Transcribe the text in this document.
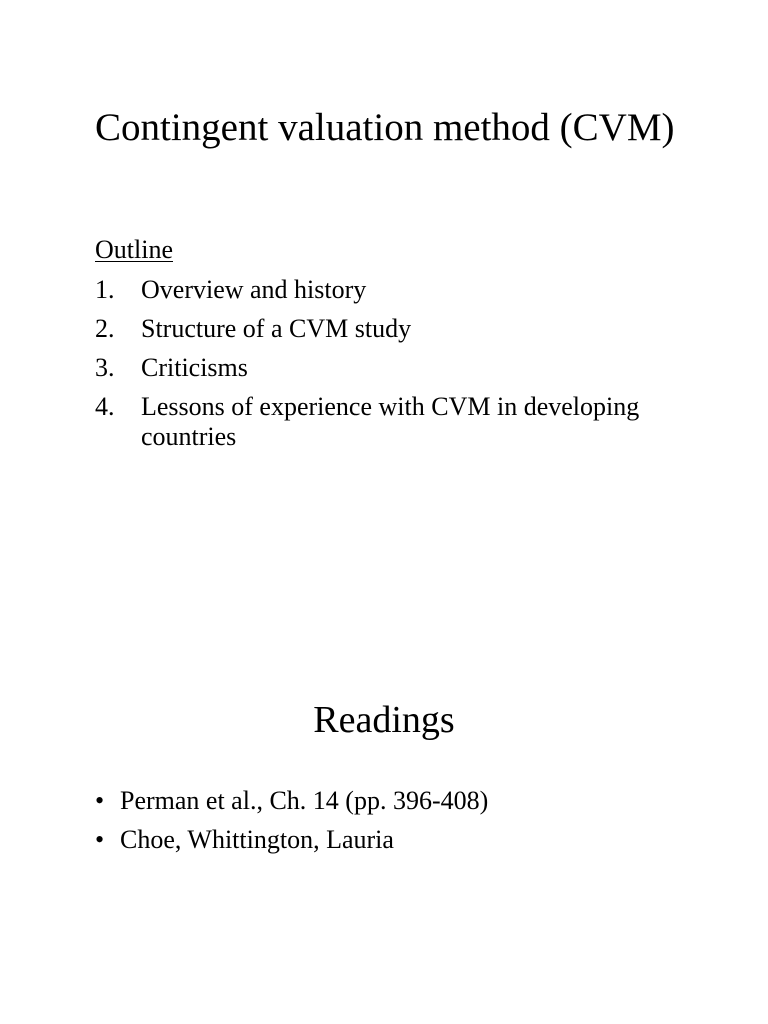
Contingent valuation method (CVM)
Outline
1. Overview and history
2. Structure of a CVM study
3. Criticisms
4. Lessons of experience with CVM in developing countries
Readings
• Perman et al., Ch. 14 (pp. 396-408)
• Choe, Whittington, Lauria
